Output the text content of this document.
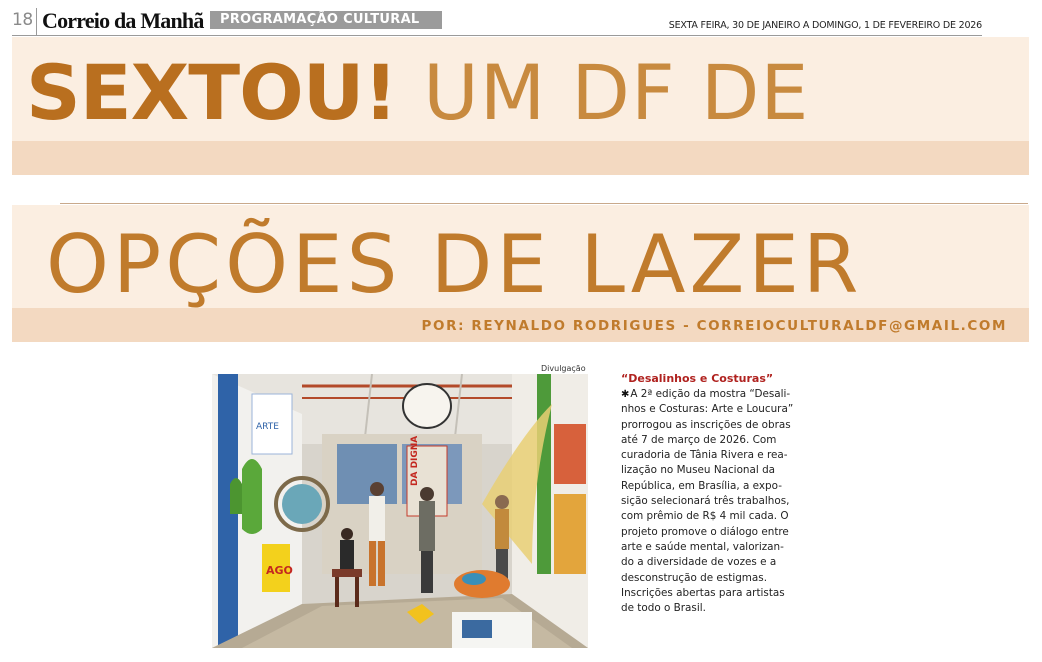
18 Correio da Manhã	PROGRAMAÇÃO CULTURAL	SEXTA FEIRA, 30 DE JANEIRO A DOMINGO, 1 DE FEVEREIRO DE 2026
SEXTOU! UM DF DE
OPÇÕES DE LAZER
POR: REYNALDO RODRIGUES - CORREIOCULTURALDF@GMAIL.COM
Divulgação
ARTE
AGO
DA DIGNA
“Desalinhos e Costuras”
✱A 2ª edição da mostra “Desali-
nhos e Costuras: Arte e Loucura”
prorrogou as inscrições de obras
até 7 de março de 2026. Com
curadoria de Tânia Rivera e rea-
lização no Museu Nacional da
República, em Brasília, a expo-
sição selecionará três trabalhos,
com prêmio de R$ 4 mil cada. O
projeto promove o diálogo entre
arte e saúde mental, valorizan-
do a diversidade de vozes e a
desconstrução de estigmas.
Inscrições abertas para artistas
de todo o Brasil.
